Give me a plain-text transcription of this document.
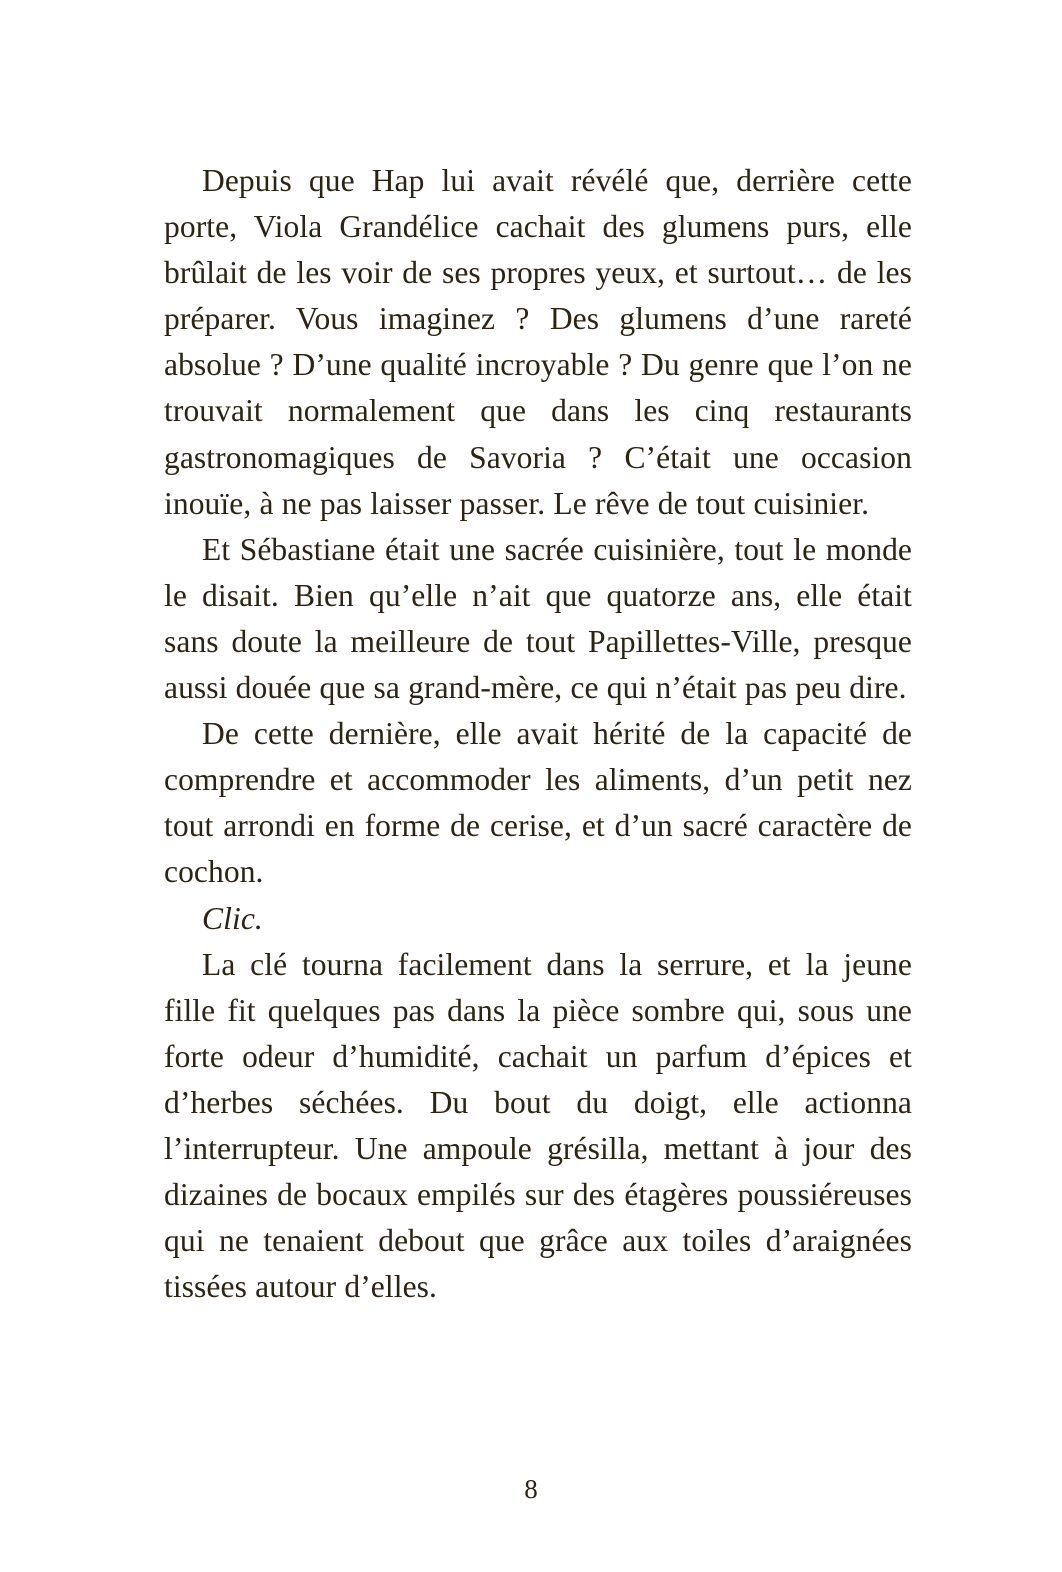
Depuis que Hap lui avait révélé que, derrière cette porte, Viola Grandélice cachait des glumens purs, elle brûlait de les voir de ses propres yeux, et surtout… de les préparer. Vous imaginez ? Des glumens d’une rareté absolue ? D’une qualité incroyable ? Du genre que l’on ne trouvait normalement que dans les cinq restaurants gastronomagiques de Savoria ? C’était une occasion inouïe, à ne pas laisser passer. Le rêve de tout cuisinier.

Et Sébastiane était une sacrée cuisinière, tout le monde le disait. Bien qu’elle n’ait que quatorze ans, elle était sans doute la meilleure de tout Papillettes-Ville, presque aussi douée que sa grand-mère, ce qui n’était pas peu dire.

De cette dernière, elle avait hérité de la capacité de comprendre et accommoder les aliments, d’un petit nez tout arrondi en forme de cerise, et d’un sacré caractère de cochon.

Clic.

La clé tourna facilement dans la serrure, et la jeune fille fit quelques pas dans la pièce sombre qui, sous une forte odeur d’humidité, cachait un parfum d’épices et d’herbes séchées. Du bout du doigt, elle actionna l’interrupteur. Une ampoule grésilla, mettant à jour des dizaines de bocaux empilés sur des étagères poussiéreuses qui ne tenaient debout que grâce aux toiles d’araignées tissées autour d’elles.

8
